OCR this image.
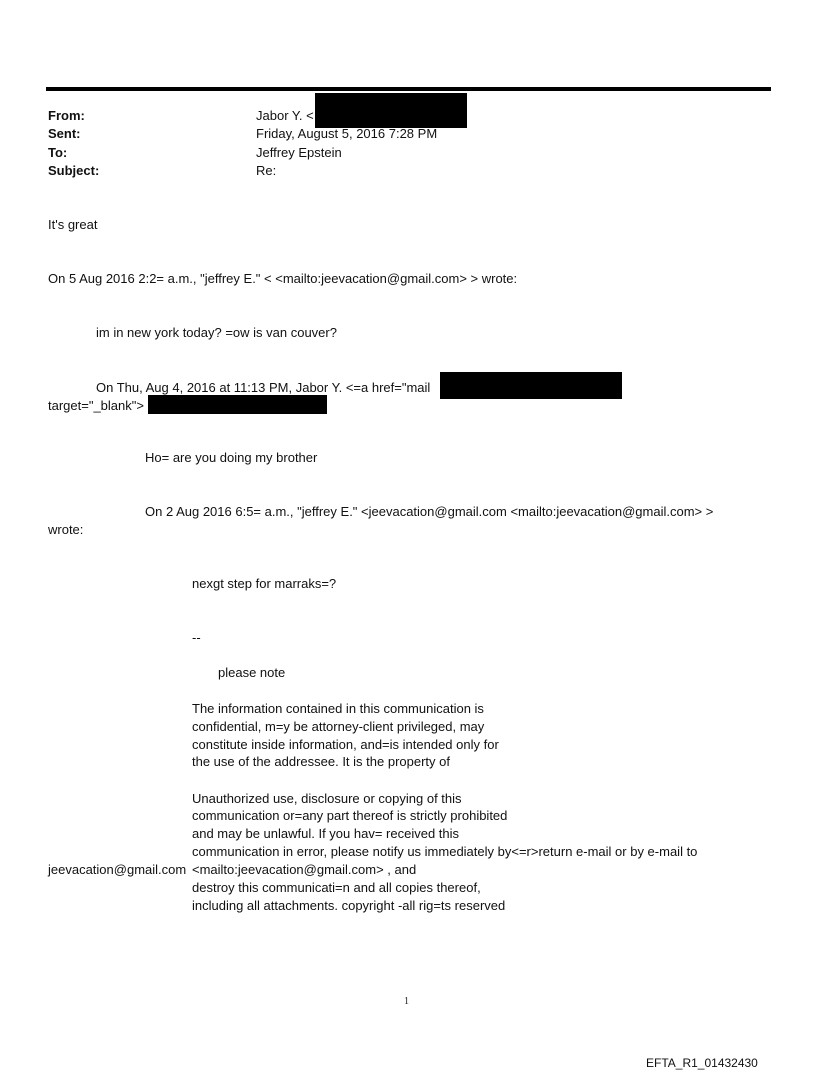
From:	Jabor Y. <
Sent:	Friday, August 5, 2016 7:28 PM
To:	Jeffrey Epstein
Subject:	Re:
It's great
On 5 Aug 2016 2:2= a.m., "jeffrey E." < <mailto:jeevacation@gmail.com> > wrote:
im in new york today? =ow is van couver?
On Thu, Aug 4, 2016 at 11:13 PM, Jabor Y. <=a href="mail
target="_blank">
Ho= are you doing my brother
On 2 Aug 2016 6:5= a.m., "jeffrey E." <jeevacation@gmail.com <mailto:jeevacation@gmail.com> >
wrote:
nexgt step for marraks=?
--
please note
The information contained in this communication is
confidential, m=y be attorney-client privileged, may
constitute inside information, and=is intended only for
the use of the addressee. It is the property of
Unauthorized use, disclosure or copying of this
communication or=any part thereof is strictly prohibited
and may be unlawful. If you hav= received this
communication in error, please notify us immediately by<=r>return e-mail or by e-mail to
jeevacation@gmail.com <mailto:jeevacation@gmail.com> , and
destroy this communicati=n and all copies thereof,
including all attachments. copyright -all rig=ts reserved
1
EFTA_R1_01432430
